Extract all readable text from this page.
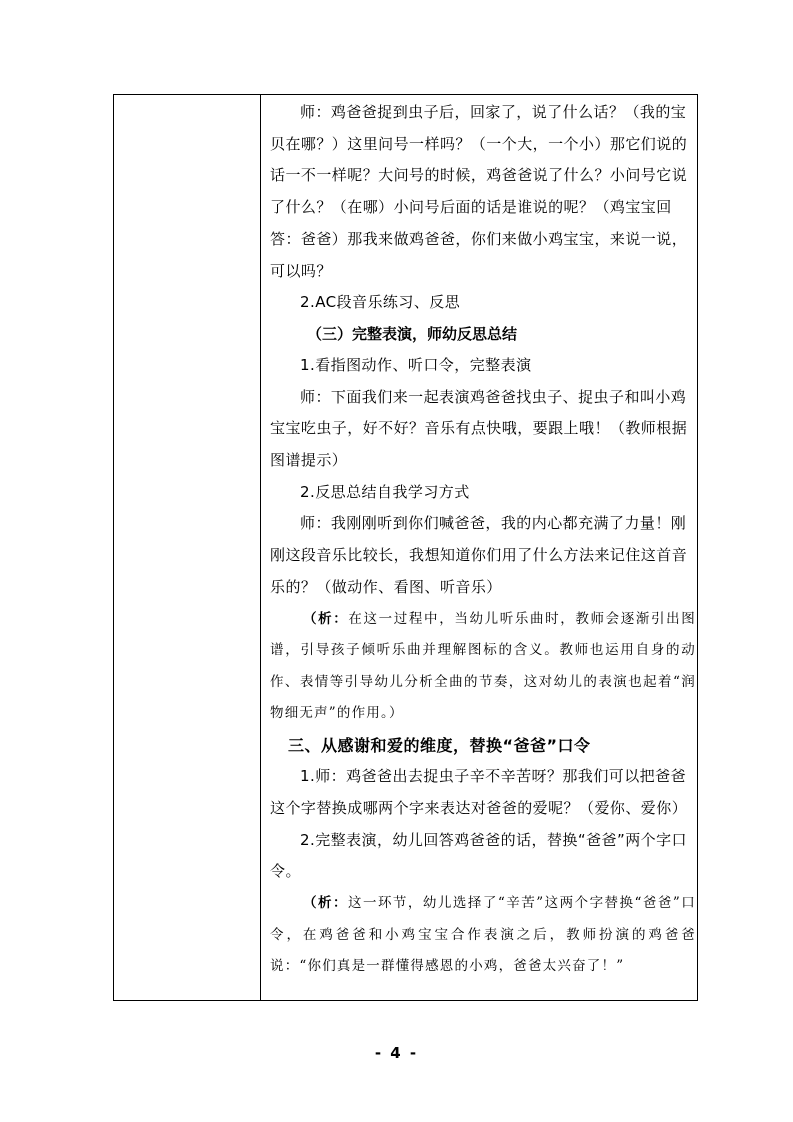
师：鸡爸爸捉到虫子后，回家了，说了什么话？（我的宝贝在哪？）这里问号一样吗？（一个大，一个小）那它们说的话一不一样呢？大问号的时候，鸡爸爸说了什么？小问号它说了什么？（在哪）小问号后面的话是谁说的呢？（鸡宝宝回答：爸爸）那我来做鸡爸爸，你们来做小鸡宝宝，来说一说，可以吗？

2.AC段音乐练习、反思

（三）完整表演，师幼反思总结

1.看指图动作、听口令，完整表演

师：下面我们来一起表演鸡爸爸找虫子、捉虫子和叫小鸡宝宝吃虫子，好不好？音乐有点快哦，要跟上哦！（教师根据图谱提示）

2.反思总结自我学习方式

师：我刚刚听到你们喊爸爸，我的内心都充满了力量！刚刚这段音乐比较长，我想知道你们用了什么方法来记住这首音乐的？（做动作、看图、听音乐）

（析：在这一过程中，当幼儿听乐曲时，教师会逐渐引出图谱，引导孩子倾听乐曲并理解图标的含义。教师也运用自身的动作、表情等引导幼儿分析全曲的节奏，这对幼儿的表演也起着“润物细无声”的作用。）

三、从感谢和爱的维度，替换“爸爸”口令

1.师：鸡爸爸出去捉虫子辛不辛苦呀？那我们可以把爸爸这个字替换成哪两个字来表达对爸爸的爱呢？（爱你、爱你）

2.完整表演，幼儿回答鸡爸爸的话，替换“爸爸”两个字口令。

（析：这一环节，幼儿选择了“辛苦”这两个字替换“爸爸”口令，在鸡爸爸和小鸡宝宝合作表演之后，教师扮演的鸡爸爸说：“你们真是一群懂得感恩的小鸡，爸爸太兴奋了！”

- 4 -
